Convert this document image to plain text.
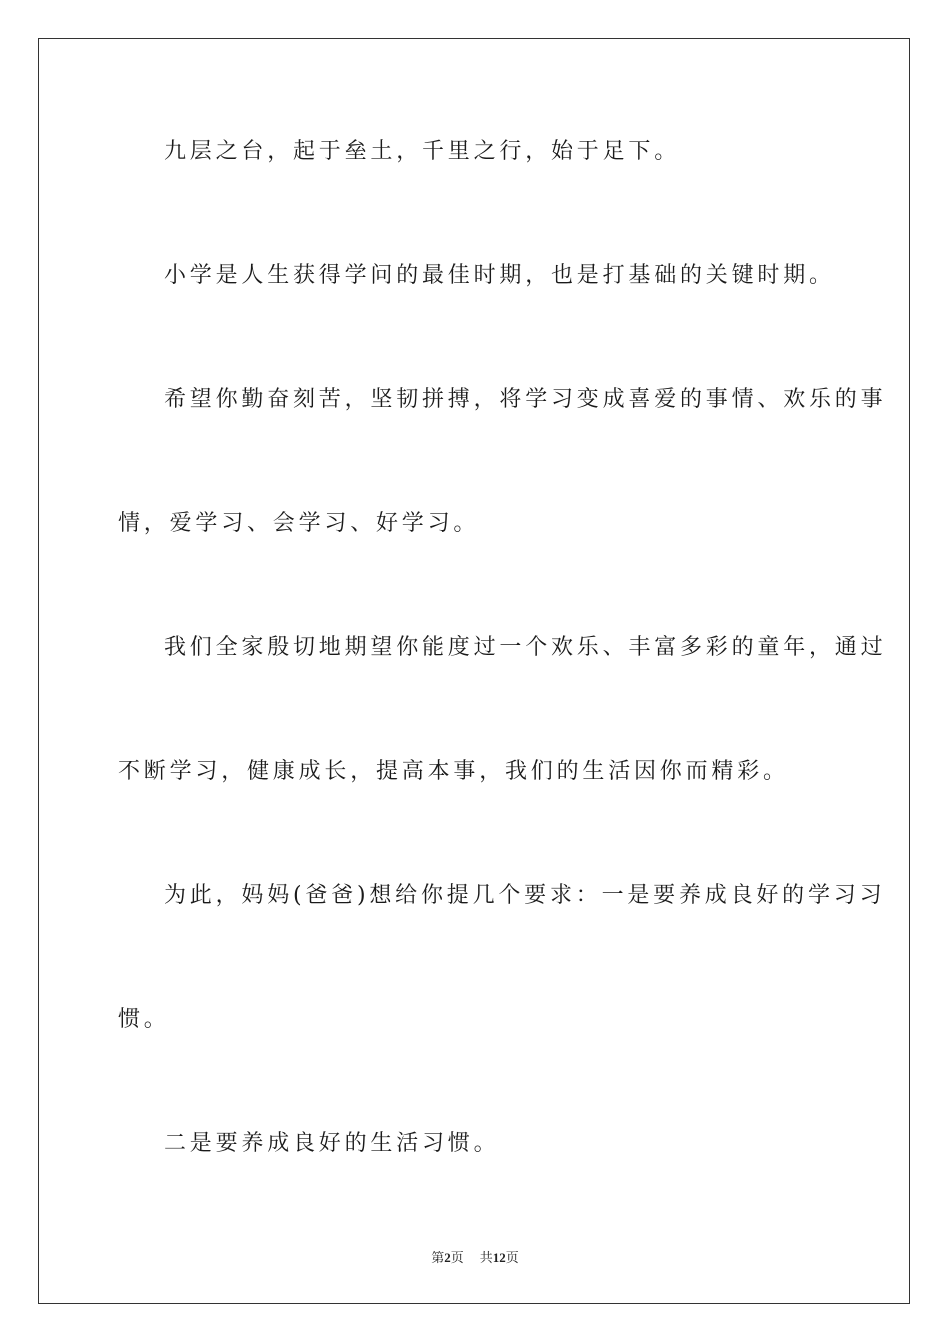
九层之台，起于垒土，千里之行，始于足下。
小学是人生获得学问的最佳时期，也是打基础的关键时期。
希望你勤奋刻苦，坚韧拼搏，将学习变成喜爱的事情、欢乐的事
情，爱学习、会学习、好学习。
我们全家殷切地期望你能度过一个欢乐、丰富多彩的童年，通过
不断学习，健康成长，提高本事，我们的生活因你而精彩。
为此，妈妈(爸爸)想给你提几个要求：一是要养成良好的学习习
惯。
二是要养成良好的生活习惯。
第2页 共12页
